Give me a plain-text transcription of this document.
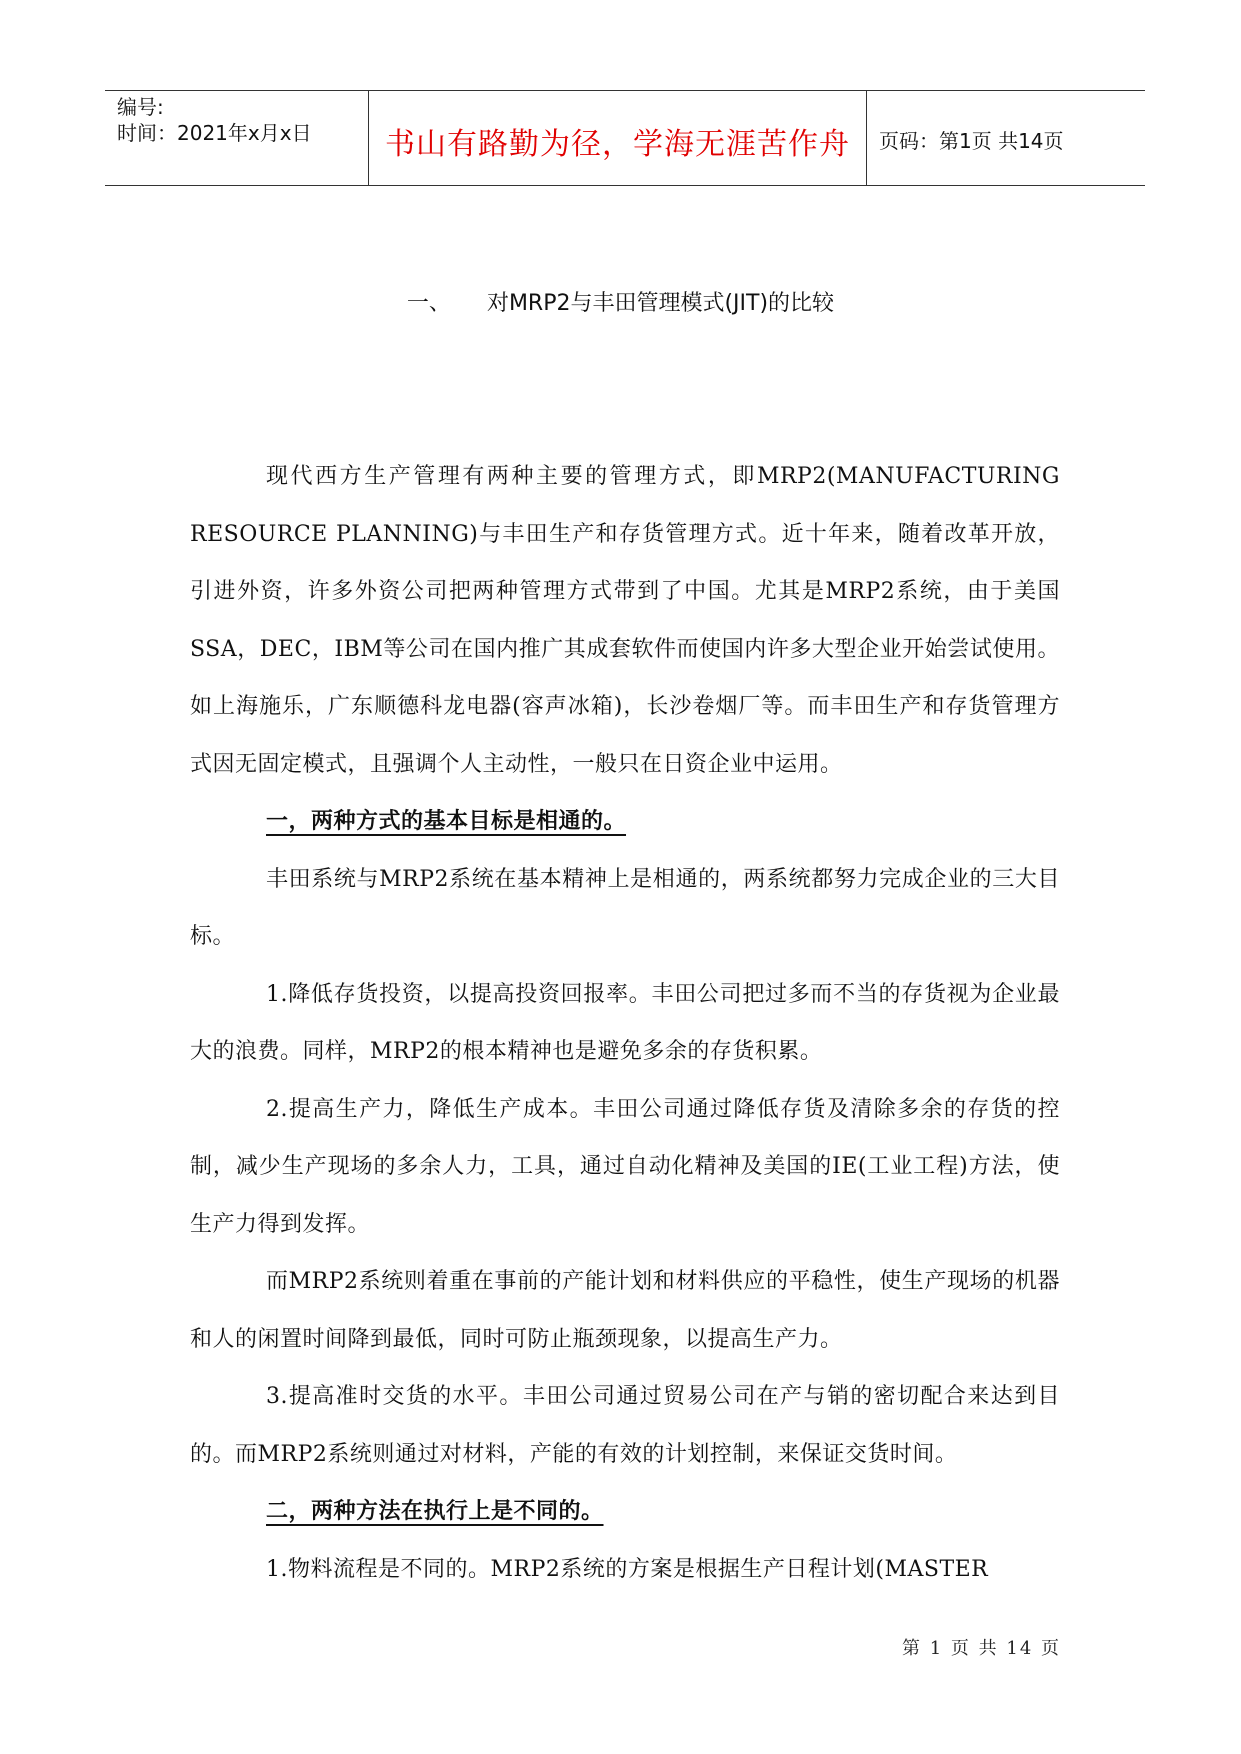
编号:
时间：2021年x月x日	书山有路勤为径，学海无涯苦作舟	页码：第1页 共14页
一、 对MRP2与丰田管理模式(JIT)的比较

现代西方生产管理有两种主要的管理方式，即MRP2(MANUFACTURING RESOURCE PLANNING)与丰田生产和存货管理方式。近十年来，随着改革开放，引进外资，许多外资公司把两种管理方式带到了中国。尤其是MRP2系统，由于美国SSA，DEC，IBM等公司在国内推广其成套软件而使国内许多大型企业开始尝试使用。如上海施乐，广东顺德科龙电器(容声冰箱)，长沙卷烟厂等。而丰田生产和存货管理方式因无固定模式，且强调个人主动性，一般只在日资企业中运用。

一，两种方式的基本目标是相通的。

丰田系统与MRP2系统在基本精神上是相通的，两系统都努力完成企业的三大目标。

1.降低存货投资，以提高投资回报率。丰田公司把过多而不当的存货视为企业最大的浪费。同样，MRP2的根本精神也是避免多余的存货积累。

2.提高生产力，降低生产成本。丰田公司通过降低存货及清除多余的存货的控制，减少生产现场的多余人力，工具，通过自动化精神及美国的IE(工业工程)方法，使生产力得到发挥。

而MRP2系统则着重在事前的产能计划和材料供应的平稳性，使生产现场的机器和人的闲置时间降到最低，同时可防止瓶颈现象，以提高生产力。

3.提高准时交货的水平。丰田公司通过贸易公司在产与销的密切配合来达到目的。而MRP2系统则通过对材料，产能的有效的计划控制，来保证交货时间。

二，两种方法在执行上是不同的。

1.物料流程是不同的。MRP2系统的方案是根据生产日程计划(MASTER

第 1 页 共 14 页
